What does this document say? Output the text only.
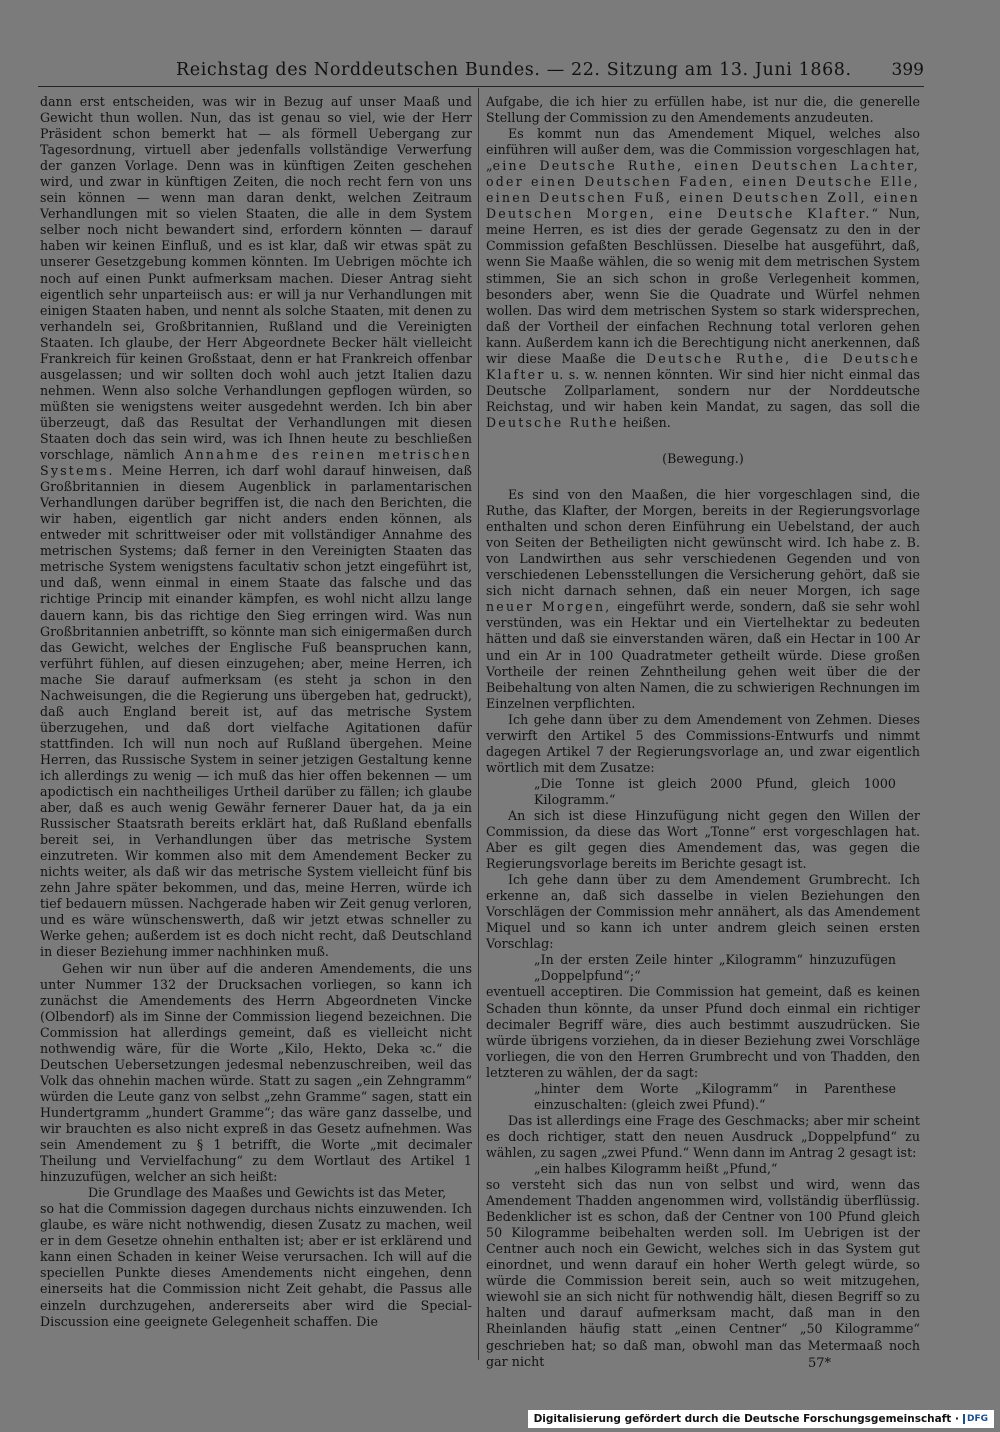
Reichstag des Norddeutschen Bundes. — 22. Sitzung am 13. Juni 1868. 399

dann erst entscheiden, was wir in Bezug auf unser Maaß und Gewicht thun wollen. Nun, das ist genau so viel, wie der Herr Präsident schon bemerkt hat — als förmell Uebergang zur Tagesordnung, virtuell aber jedenfalls vollständige Verwerfung der ganzen Vorlage. Denn was in künftigen Zeiten geschehen wird, und zwar in künftigen Zeiten, die noch recht fern von uns sein können — wenn man daran denkt, welchen Zeitraum Verhandlungen mit so vielen Staaten, die alle in dem System selber noch nicht bewandert sind, erfordern könnten — darauf haben wir keinen Einfluß, und es ist klar, daß wir etwas spät zu unserer Gesetzgebung kommen könnten. Im Uebrigen möchte ich noch auf einen Punkt aufmerksam machen. Dieser Antrag sieht eigentlich sehr unparteiisch aus: er will ja nur Verhandlungen mit einigen Staaten haben, und nennt als solche Staaten, mit denen zu verhandeln sei, Großbritannien, Rußland und die Vereinigten Staaten. Ich glaube, der Herr Abgeordnete Becker hält vielleicht Frankreich für keinen Großstaat, denn er hat Frankreich offenbar ausgelassen; und wir sollten doch wohl auch jetzt Italien dazu nehmen. Wenn also solche Verhandlungen gepflogen würden, so müßten sie wenigstens weiter ausgedehnt werden. Ich bin aber überzeugt, daß das Resultat der Verhandlungen mit diesen Staaten doch das sein wird, was ich Ihnen heute zu beschließen vorschlage, nämlich Annahme des reinen metrischen Systems. Meine Herren, ich darf wohl darauf hinweisen, daß Großbritannien in diesem Augenblick in parlamentarischen Verhandlungen darüber begriffen ist, die nach den Berichten, die wir haben, eigentlich gar nicht anders enden können, als entweder mit schrittweiser oder mit vollständiger Annahme des metrischen Systems; daß ferner in den Vereinigten Staaten das metrische System wenigstens facultativ schon jetzt eingeführt ist, und daß, wenn einmal in einem Staate das falsche und das richtige Princip mit einander kämpfen, es wohl nicht allzu lange dauern kann, bis das richtige den Sieg erringen wird. Was nun Großbritannien anbetrifft, so könnte man sich einigermaßen durch das Gewicht, welches der Englische Fuß beanspruchen kann, verführt fühlen, auf diesen einzugehen; aber, meine Herren, ich mache Sie darauf aufmerksam (es steht ja schon in den Nachweisungen, die die Regierung uns übergeben hat, gedruckt), daß auch England bereit ist, auf das metrische System überzugehen, und daß dort vielfache Agitationen dafür stattfinden. Ich will nun noch auf Rußland übergehen. Meine Herren, das Russische System in seiner jetzigen Gestaltung kenne ich allerdings zu wenig — ich muß das hier offen bekennen — um apodictisch ein nachtheiliges Urtheil darüber zu fällen; ich glaube aber, daß es auch wenig Gewähr fernerer Dauer hat, da ja ein Russischer Staatsrath bereits erklärt hat, daß Rußland ebenfalls bereit sei, in Verhandlungen über das metrische System einzutreten. Wir kommen also mit dem Amendement Becker zu nichts weiter, als daß wir das metrische System vielleicht fünf bis zehn Jahre später bekommen, und das, meine Herren, würde ich tief bedauern müssen. Nachgerade haben wir Zeit genug verloren, und es wäre wünschenswerth, daß wir jetzt etwas schneller zu Werke gehen; außerdem ist es doch nicht recht, daß Deutschland in dieser Beziehung immer nachhinken muß.

Gehen wir nun über auf die anderen Amendements, die uns unter Nummer 132 der Drucksachen vorliegen, so kann ich zunächst die Amendements des Herrn Abgeordneten Vincke (Olbendorf) als im Sinne der Commission liegend bezeichnen. Die Commission hat allerdings gemeint, daß es vielleicht nicht nothwendig wäre, für die Worte „Kilo, Hekto, Deka ꝛc.“ die Deutschen Uebersetzungen jedesmal nebenzuschreiben, weil das Volk das ohnehin machen würde. Statt zu sagen „ein Zehngramm“ würden die Leute ganz von selbst „zehn Gramme“ sagen, statt ein Hundertgramm „hundert Gramme“; das wäre ganz dasselbe, und wir brauchten es also nicht expreß in das Gesetz aufnehmen. Was sein Amendement zu § 1 betrifft, die Worte „mit decimaler Theilung und Vervielfachung“ zu dem Wortlaut des Artikel 1 hinzuzufügen, welcher an sich heißt:

Die Grundlage des Maaßes und Gewichts ist das Meter,

so hat die Commission dagegen durchaus nichts einzuwenden. Ich glaube, es wäre nicht nothwendig, diesen Zusatz zu machen, weil er in dem Gesetze ohnehin enthalten ist; aber er ist erklärend und kann einen Schaden in keiner Weise verursachen. Ich will auf die speciellen Punkte dieses Amendements nicht eingehen, denn einerseits hat die Commission nicht Zeit gehabt, die Passus alle einzeln durchzugehen, andererseits aber wird die Special-Discussion eine geeignete Gelegenheit schaffen. Die

Aufgabe, die ich hier zu erfüllen habe, ist nur die, die generelle Stellung der Commission zu den Amendements anzudeuten.

Es kommt nun das Amendement Miquel, welches also einführen will außer dem, was die Commission vorgeschlagen hat, „eine Deutsche Ruthe, einen Deutschen Lachter, oder einen Deutschen Faden, einen Deutsche Elle, einen Deutschen Fuß, einen Deutschen Zoll, einen Deutschen Morgen, eine Deutsche Klafter.“ Nun, meine Herren, es ist dies der gerade Gegensatz zu den in der Commission gefaßten Beschlüssen. Dieselbe hat ausgeführt, daß, wenn Sie Maaße wählen, die so wenig mit dem metrischen System stimmen, Sie an sich schon in große Verlegenheit kommen, besonders aber, wenn Sie die Quadrate und Würfel nehmen wollen. Das wird dem metrischen System so stark widersprechen, daß der Vortheil der einfachen Rechnung total verloren gehen kann. Außerdem kann ich die Berechtigung nicht anerkennen, daß wir diese Maaße die Deutsche Ruthe, die Deutsche Klafter u. s. w. nennen könnten. Wir sind hier nicht einmal das Deutsche Zollparlament, sondern nur der Norddeutsche Reichstag, und wir haben kein Mandat, zu sagen, das soll die Deutsche Ruthe heißen.

(Bewegung.)

Es sind von den Maaßen, die hier vorgeschlagen sind, die Ruthe, das Klafter, der Morgen, bereits in der Regierungsvorlage enthalten und schon deren Einführung ein Uebelstand, der auch von Seiten der Betheiligten nicht gewünscht wird. Ich habe z. B. von Landwirthen aus sehr verschiedenen Gegenden und von verschiedenen Lebensstellungen die Versicherung gehört, daß sie sich nicht darnach sehnen, daß ein neuer Morgen, ich sage neuer Morgen, eingeführt werde, sondern, daß sie sehr wohl verstünden, was ein Hektar und ein Viertelhektar zu bedeuten hätten und daß sie einverstanden wären, daß ein Hectar in 100 Ar und ein Ar in 100 Quadratmeter getheilt würde. Diese großen Vortheile der reinen Zehntheilung gehen weit über die der Beibehaltung von alten Namen, die zu schwierigen Rechnungen im Einzelnen verpflichten.

Ich gehe dann über zu dem Amendement von Zehmen. Dieses verwirft den Artikel 5 des Commissions-Entwurfs und nimmt dagegen Artikel 7 der Regierungsvorlage an, und zwar eigentlich wörtlich mit dem Zusatze:

„Die Tonne ist gleich 2000 Pfund, gleich 1000 Kilogramm.“

An sich ist diese Hinzufügung nicht gegen den Willen der Commission, da diese das Wort „Tonne“ erst vorgeschlagen hat. Aber es gilt gegen dies Amendement das, was gegen die Regierungsvorlage bereits im Berichte gesagt ist.

Ich gehe dann über zu dem Amendement Grumbrecht. Ich erkenne an, daß sich dasselbe in vielen Beziehungen den Vorschlägen der Commission mehr annähert, als das Amendement Miquel und so kann ich unter andrem gleich seinen ersten Vorschlag:

„In der ersten Zeile hinter „Kilogramm“ hinzuzufügen „Doppelpfund“;“

eventuell acceptiren. Die Commission hat gemeint, daß es keinen Schaden thun könnte, da unser Pfund doch einmal ein richtiger decimaler Begriff wäre, dies auch bestimmt auszudrücken. Sie würde übrigens vorziehen, da in dieser Beziehung zwei Vorschläge vorliegen, die von den Herren Grumbrecht und von Thadden, den letzteren zu wählen, der da sagt:

„hinter dem Worte „Kilogramm“ in Parenthese einzuschalten: (gleich zwei Pfund).“

Das ist allerdings eine Frage des Geschmacks; aber mir scheint es doch richtiger, statt den neuen Ausdruck „Doppelpfund“ zu wählen, zu sagen „zwei Pfund.“ Wenn dann im Antrag 2 gesagt ist:

„ein halbes Kilogramm heißt „Pfund,“

so versteht sich das nun von selbst und wird, wenn das Amendement Thadden angenommen wird, vollständig überflüssig. Bedenklicher ist es schon, daß der Centner von 100 Pfund gleich 50 Kilogramme beibehalten werden soll. Im Uebrigen ist der Centner auch noch ein Gewicht, welches sich in das System gut einordnet, und wenn darauf ein hoher Werth gelegt würde, so würde die Commission bereit sein, auch so weit mitzugehen, wiewohl sie an sich nicht für nothwendig hält, diesen Begriff so zu halten und darauf aufmerksam macht, daß man in den Rheinlanden häufig statt „einen Centner“ „50 Kilogramme“ geschrieben hat; so daß man, obwohl man das Metermaaß noch gar nicht	57*
Digitalisierung gefördert durch die Deutsche Forschungsgemeinschaft · DFG
